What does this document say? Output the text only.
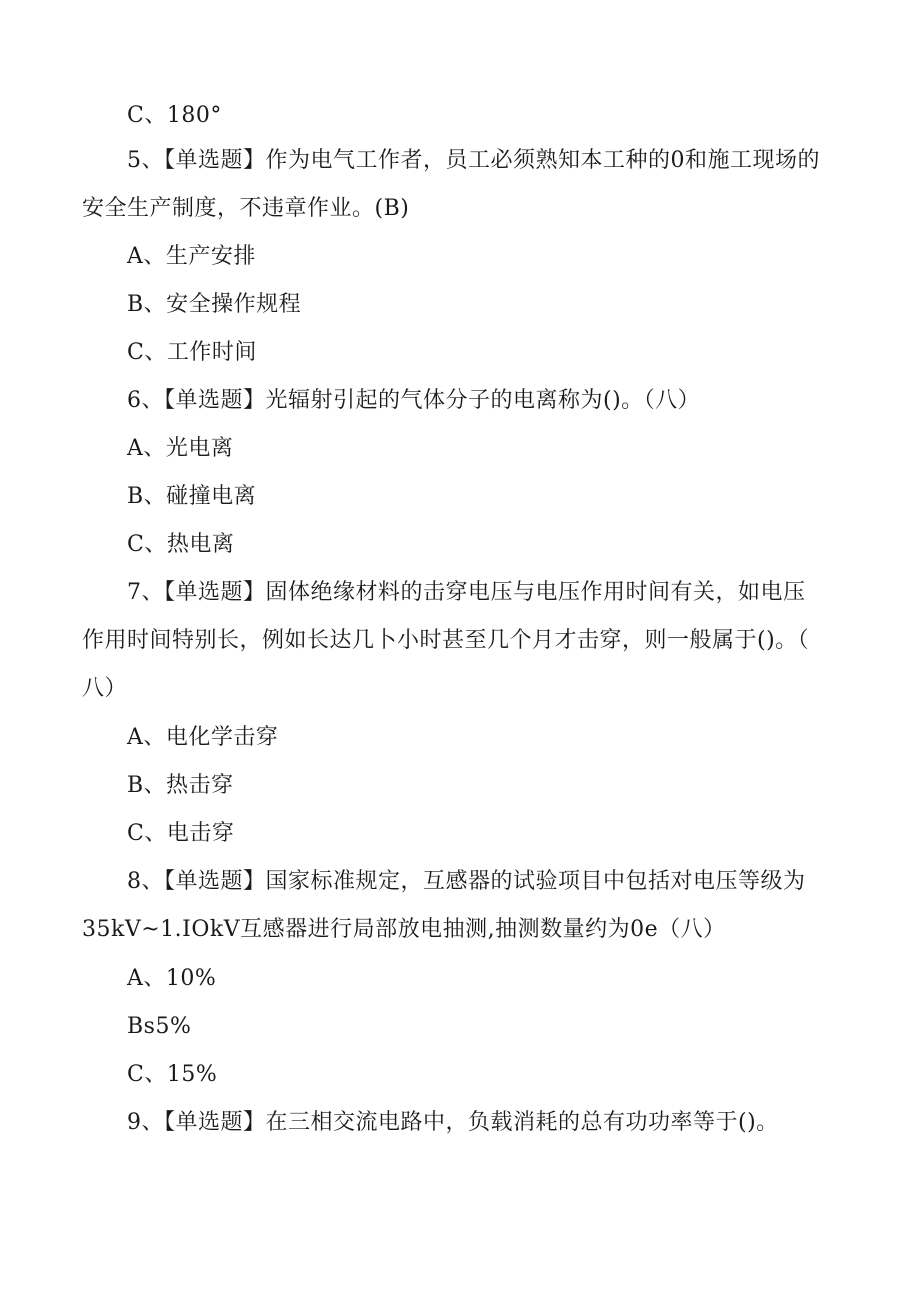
C、180°
5、【单选题】作为电气工作者，员工必须熟知本工种的0和施工现场的
安全生产制度，不违章作业。(B)
A、生产安排
B、安全操作规程
C、工作时间
6、【单选题】光辐射引起的气体分子的电离称为()。（八）
A、光电离
B、碰撞电离
C、热电离
7、【单选题】固体绝缘材料的击穿电压与电压作用时间有关，如电压
作用时间特别长，例如长达几卜小时甚至几个月才击穿，则一般属于()。（
八）
A、电化学击穿
B、热击穿
C、电击穿
8、【单选题】国家标准规定，互感器的试验项目中包括对电压等级为
35kV~1.IOkV互感器进行局部放电抽测,抽测数量约为0e（八）
A、10%
Bs5%
C、15%
9、【单选题】在三相交流电路中，负载消耗的总有功功率等于()。
